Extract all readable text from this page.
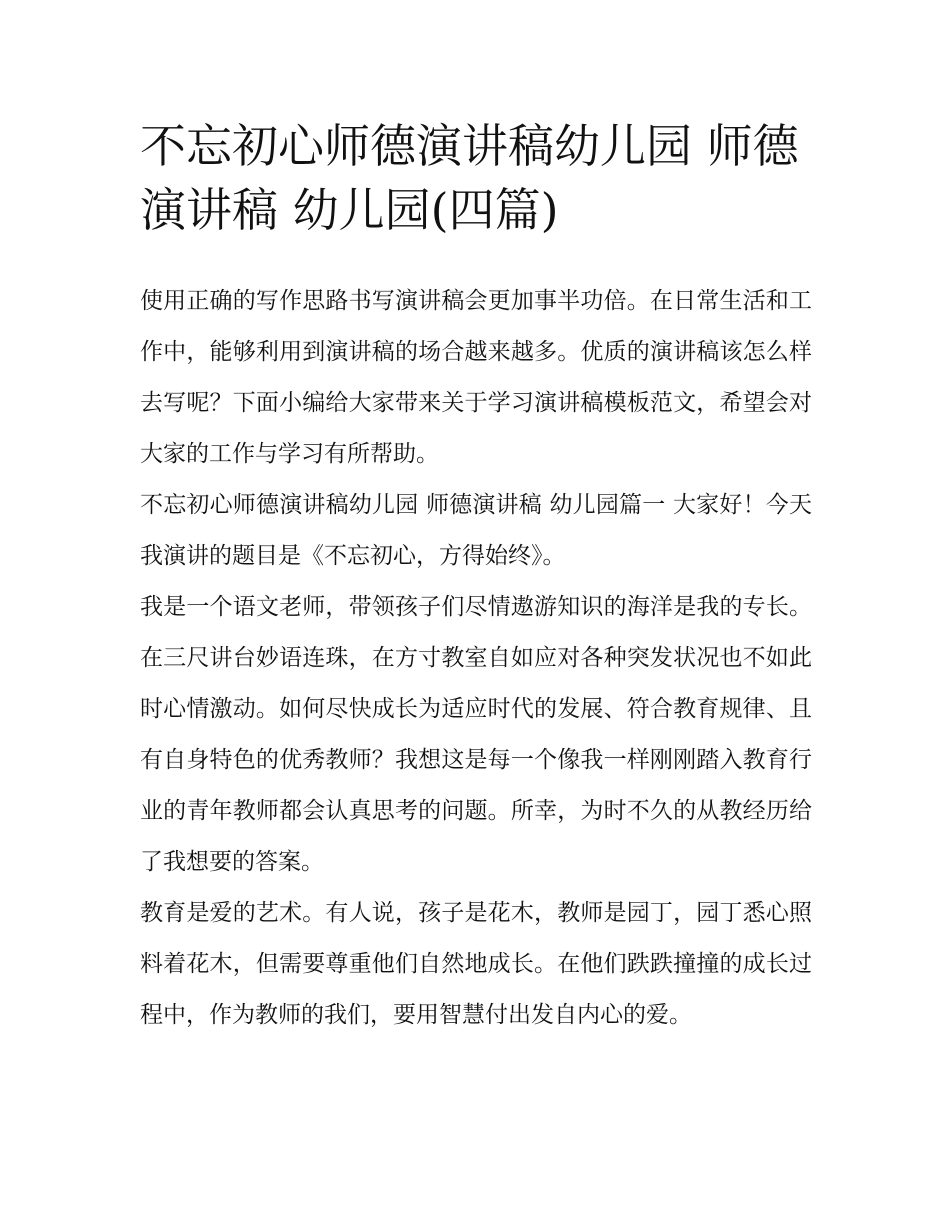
不忘初心师德演讲稿幼儿园 师德演讲稿 幼儿园(四篇)

使用正确的写作思路书写演讲稿会更加事半功倍。在日常生活和工作中，能够利用到演讲稿的场合越来越多。优质的演讲稿该怎么样去写呢？下面小编给大家带来关于学习演讲稿模板范文，希望会对大家的工作与学习有所帮助。

不忘初心师德演讲稿幼儿园 师德演讲稿 幼儿园篇一 大家好！今天我演讲的题目是《不忘初心，方得始终》。

我是一个语文老师，带领孩子们尽情遨游知识的海洋是我的专长。在三尺讲台妙语连珠，在方寸教室自如应对各种突发状况也不如此时心情激动。如何尽快成长为适应时代的发展、符合教育规律、且有自身特色的优秀教师？我想这是每一个像我一样刚刚踏入教育行业的青年教师都会认真思考的问题。所幸，为时不久的从教经历给了我想要的答案。

教育是爱的艺术。有人说，孩子是花木，教师是园丁，园丁悉心照料着花木，但需要尊重他们自然地成长。在他们跌跌撞撞的成长过程中，作为教师的我们，要用智慧付出发自内心的爱。
